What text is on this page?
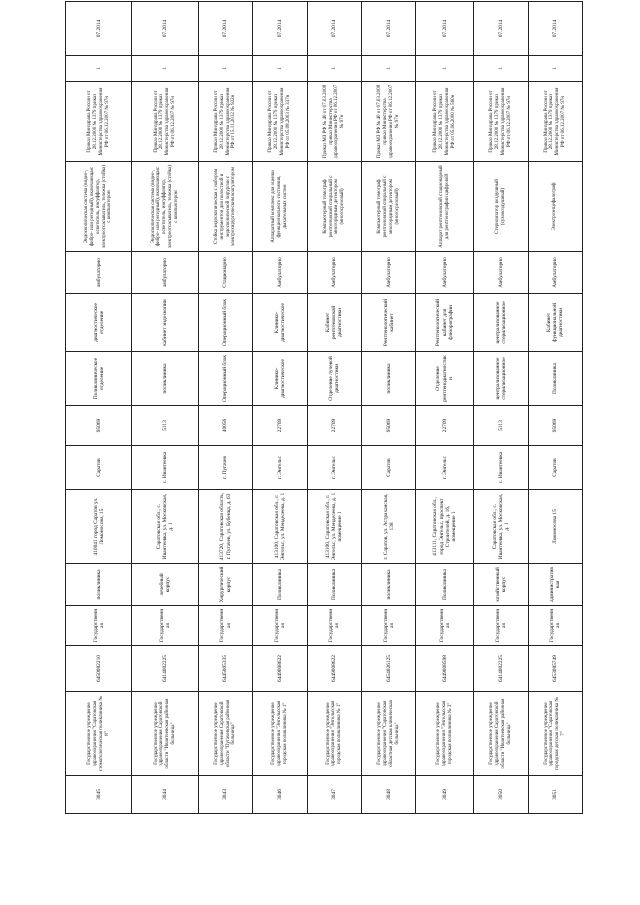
3045	Государственное учреждение здравоохранения "Саратовская стоматологическая поликлиника № 8"	6450082210	Государственная	поликлиника	410041 город Саратов ул. Ломоносова, 15	Саратов	95069	Поликлиническое отделение	диагностическое отделение	амбулаторно	Эндоскопическая система (видео-, фибро- или регидный), включающая: осветитель, инсуффлятор, электроотсасыватель, тележка (стойка) с компьютером	Приказ Минздрава России от 28.12.2000 № 1379 приказ Министерства здравоохранения РФ от 06.12.2007 № 97н	1	07.2014
3044	Государственное учреждение здравоохранения Саратовской области "Ивантеевская районная больница"	6414002225	Государственная	лечебный корпус	Саратовская обл., с. Ивантеевка, ул. Московская, д. 1	с. Ивантеевка	5113	поликлиника	кабинет эндоскопии	амбулаторно	Эндоскопическая система (видео-, фибро- или регидный), включающая: осветитель, инсуффлятор, электроотсасыватель, тележка (стойка) с компьютером	Приказ Минздрава России от 28.12.2000 № 1379 приказ Министерства здравоохранения РФ от 06.12.2007 № 97н	1	07.2014
3043	Государственное учреждение здравоохранения Саратовской области "Пугачевская районная больница"	6445005335	Государственная	Хирургический корпус	413720, Саратовская область, г. Пугачев, ул. Бубенца, д. 63	г. Пугачев	40056	Операционный блок	Операционный блок	Стационарно	Стойка эндоскопическая с набором инструментов для полостной и эндоскопической хирургии с электрохирургическим коагулятором	Приказ Минздрава России от 28.12.2000 № 1379 приказ Министерства здравоохранения РФ от 15.11.2012 № 922н	1	07.2014
3046	Государственное учреждение здравоохранения "Энгельсская городская поликлиника № 1"	6449008622	Государственная	Поликлиника	413100, Саратовская обл., г. Энгельс, ул. Менделеева, д. 1	г. Энгельс	22709	Клинико-диагностическое	Клинико-диагностическое	Амбулаторно	Аппаратный комплекс для оценки функционального состояния, дыхательных систем	Приказ Минздрава России от 28.12.2000 № 1379 приказ Министерства здравоохранения РФ от 05.08.2003 № 337н	1	07.2014
3047	Государственное учреждение здравоохранения "Энгельсская городская поликлиника № 1"	6449008622	Государственная	Поликлиника	413100, Саратовская обл., г. Энгельс, ул. Менделеева, д. 1 помещение 1	г. Энгельс	22709	Отделение лучевой диагностики	Кабинет рентгеновской диагностики	Амбулаторно	Компьютерный томограф рентгеновский спиральный с многорядным детектором (многосрезовый)	Приказ МЗ РФ № 40 от 07.03.2008 приказ Министерства здравоохранения РФ от 06.12.2007 № 97н	1	07.2014
3048	Государственное учреждение здравоохранения "Саратовская областная детская клиническая больница"	6454026125	Государственная	поликлиника	г. Саратов, ул. Астраханская, 138	Саратов	95069	поликлиника	Рентгенологический кабинет	Амбулаторно	Компьютерный томограф рентгеновский спиральный с многорядным детектором (многосрезовый)	Приказ МЗ РФ № 40 от 07.03.2008 приказ Министерства здравоохранения РФ от 06.12.2007 № 97н	1	07.2014
3049	Государственное учреждение здравоохранения "Энгельсская городская поликлиника № 3"	6449008598	Государственная	Поликлиника	413111, Саратовская обл., город Энгельс, проспект Строителей, д. 16, помещение 1	г. Энгельс	22709	Отделение рентгенодиагностики	Рентгенологический кабинет для флюорографии	Амбулаторно	Аппарат рентгеновский стационарный для рентгенографии цифровой	Приказ Минздрава России от 28.12.2000 № 1379 приказ Министерства здравоохранения РФ от 05.06.2000 № 560н	1	07.2014
3050	Государственное учреждение здравоохранения Саратовской области "Ивантеевская районная больница"	6414002225	Государственная	хозяйственный корпус	Саратовская обл., с. Ивантеевка, ул. Московская, д. 1	с. Ивантеевка	5113	централизованное стерилизационное	централизованное стерилизационное	Амбулаторно	Стерилизатор воздушный (суховоздушный)	Приказ Минздрава России от 28.12.2000 № 1379 приказ Министерства здравоохранения РФ от 06.12.2007 № 97н	1	07.2014
3051	Государственное учреждение здравоохранения "Саратовская городская детская поликлиника № 7"	6453085749	Государственная	административная	Ломоносова 15	Саратов	95069	Поликлиника	Кабинет функциональной диагностики	Амбулаторно	Электроэнцефалограф	Приказ Минздрава России от 28.12.2000 № 1379 приказ Министерства здравоохранения РФ от 06.12.2007 № 97н	1	07.2014
